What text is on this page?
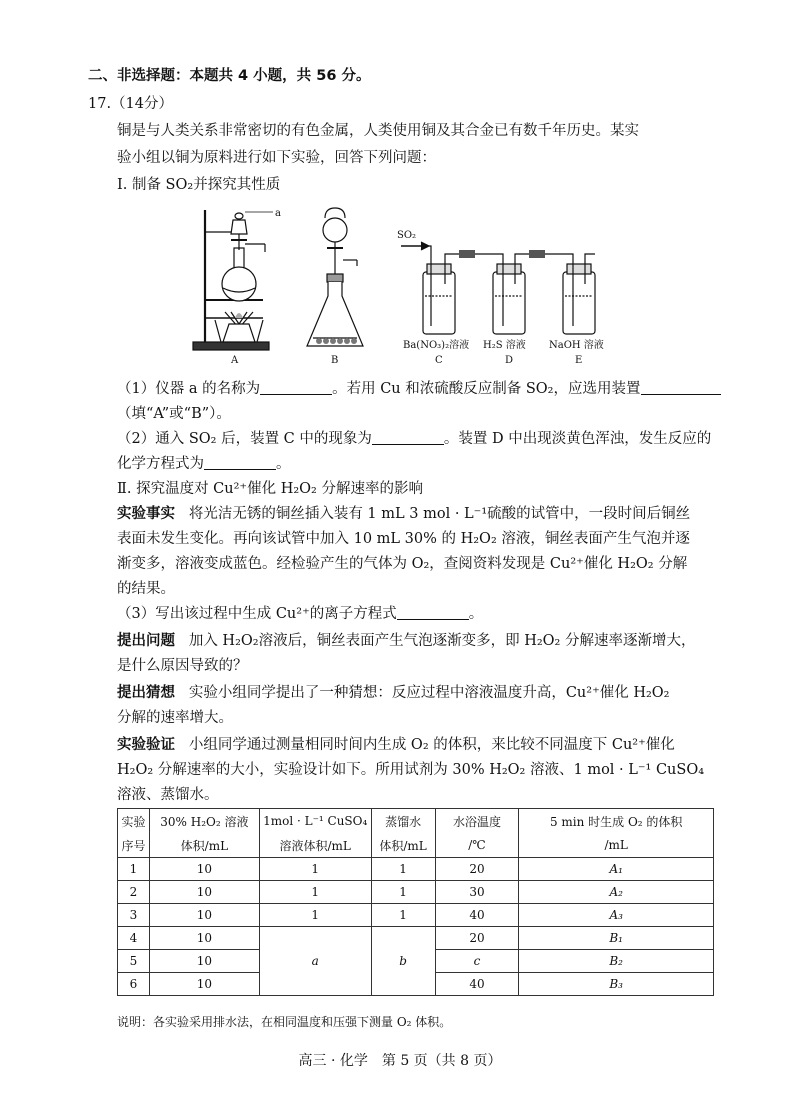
二、非选择题：本题共 4 小题，共 56 分。
17.（14分）
铜是与人类关系非常密切的有色金属，人类使用铜及其合金已有数千年历史。某实
验小组以铜为原料进行如下实验，回答下列问题：
Ⅰ. 制备 SO₂并探究其性质
a
SO₂
Ba(NO₃)₂溶液 H₂S 溶液 NaOH 溶液
A	B	C	D	E
（1）仪器 a 的名称为	。若用 Cu 和浓硫酸反应制备 SO₂，应选用装置
（填“A”或“B”）。
（2）通入 SO₂ 后，装置 C 中的现象为	。装置 D 中出现淡黄色浑浊，发生反应的
化学方程式为	。
Ⅱ. 探究温度对 Cu²⁺催化 H₂O₂ 分解速率的影响
实验事实 将光洁无锈的铜丝插入装有 1 mL 3 mol · L⁻¹硫酸的试管中，一段时间后铜丝
表面未发生变化。再向该试管中加入 10 mL 30% 的 H₂O₂ 溶液，铜丝表面产生气泡并逐
渐变多，溶液变成蓝色。经检验产生的气体为 O₂，查阅资料发现是 Cu²⁺催化 H₂O₂ 分解
的结果。
（3）写出该过程中生成 Cu²⁺的离子方程式	。
提出问题 加入 H₂O₂溶液后，铜丝表面产生气泡逐渐变多，即 H₂O₂ 分解速率逐渐增大，
是什么原因导致的？
提出猜想 实验小组同学提出了一种猜想：反应过程中溶液温度升高，Cu²⁺催化 H₂O₂
分解的速率增大。
实验验证 小组同学通过测量相同时间内生成 O₂ 的体积，来比较不同温度下 Cu²⁺催化
H₂O₂ 分解速率的大小，实验设计如下。所用试剂为 30% H₂O₂ 溶液、1 mol · L⁻¹ CuSO₄
溶液、蒸馏水。
实验	30% H₂O₂ 溶液	1mol · L⁻¹ CuSO₄	蒸馏水	水浴温度	5 min 时生成 O₂ 的体积
序号	体积/mL	溶液体积/mL	体积/mL	/℃	/mL
1	10	1	1	20	A₁
2	10	1	1	30	A₂
3	10	1	1	40	A₃
4	10	a	b	20	B₁
5	10			c	B₂
6	10			40	B₃
说明：各实验采用排水法，在相同温度和压强下测量 O₂ 体积。
高三 · 化学　第 5 页（共 8 页）
